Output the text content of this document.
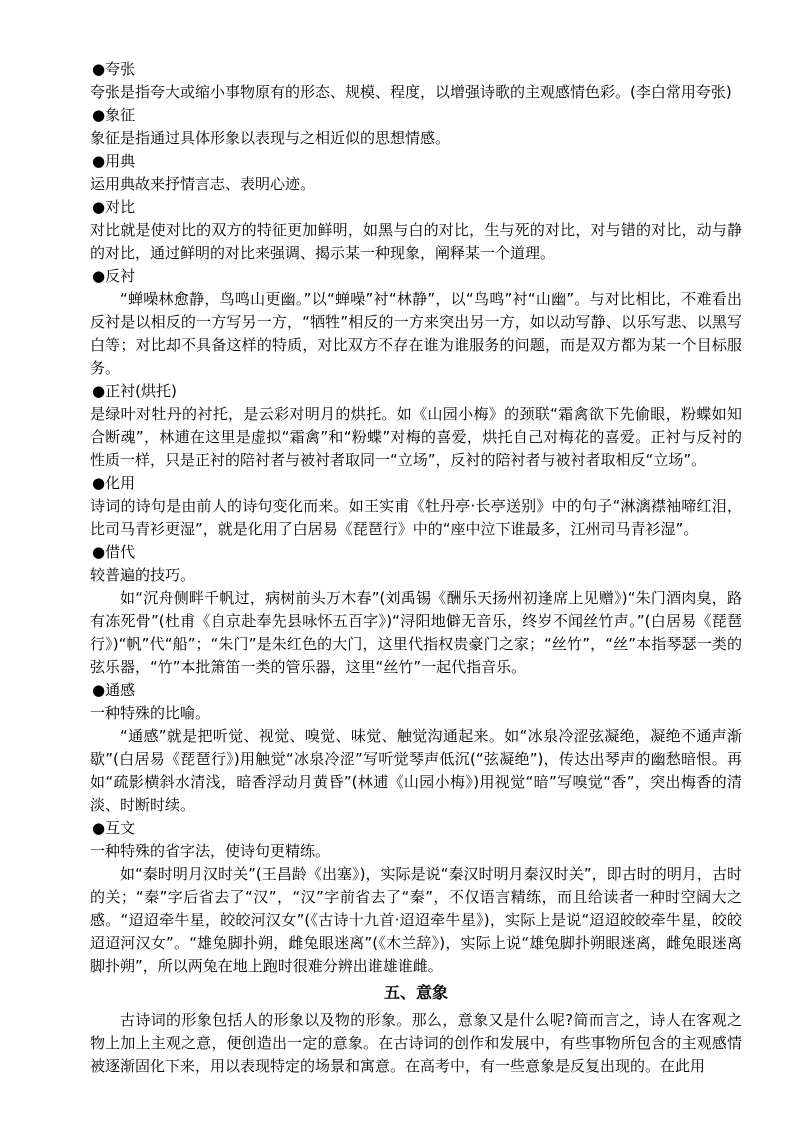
●夸张
夸张是指夸大或缩小事物原有的形态、规模、程度，以增强诗歌的主观感情色彩。(李白常用夸张)
●象征
象征是指通过具体形象以表现与之相近似的思想情感。
●用典
运用典故来抒情言志、表明心迹。
●对比
对比就是使对比的双方的特征更加鲜明，如黑与白的对比，生与死的对比，对与错的对比，动与静的对比，通过鲜明的对比来强调、揭示某一种现象，阐释某一个道理。
●反衬
“蝉噪林愈静，鸟鸣山更幽。”以“蝉噪”衬“林静”，以“鸟鸣”衬“山幽”。与对比相比，不难看出反衬是以相反的一方写另一方，“牺牲”相反的一方来突出另一方，如以动写静、以乐写悲、以黑写白等；对比却不具备这样的特质，对比双方不存在谁为谁服务的问题，而是双方都为某一个目标服务。
●正衬(烘托)
是绿叶对牡丹的衬托，是云彩对明月的烘托。如《山园小梅》的颈联“霜禽欲下先偷眼，粉蝶如知合断魂”，林逋在这里是虚拟“霜禽”和“粉蝶”对梅的喜爱，烘托自己对梅花的喜爱。正衬与反衬的性质一样，只是正衬的陪衬者与被衬者取同一“立场”，反衬的陪衬者与被衬者取相反“立场”。
●化用
诗词的诗句是由前人的诗句变化而来。如王实甫《牡丹亭·长亭送别》中的句子“淋漓襟袖啼红泪，比司马青衫更湿”，就是化用了白居易《琵琶行》中的“座中泣下谁最多，江州司马青衫湿”。
●借代
较普遍的技巧。
如“沉舟侧畔千帆过，病树前头万木春”(刘禹锡《酬乐天扬州初逢席上见赠》)“朱门酒肉臭，路有冻死骨”(杜甫《自京赴奉先县咏怀五百字》)“浔阳地僻无音乐，终岁不闻丝竹声。”(白居易《琵琶行》)“帆”代“船”；“朱门”是朱红色的大门，这里代指权贵豪门之家；“丝竹”，“丝”本指琴瑟一类的弦乐器，“竹”本批箫笛一类的管乐器，这里“丝竹”一起代指音乐。
●通感
一种特殊的比喻。
“通感”就是把听觉、视觉、嗅觉、味觉、触觉沟通起来。如“冰泉冷涩弦凝绝，凝绝不通声渐歇”(白居易《琵琶行》)用触觉“冰泉冷涩”写听觉琴声低沉(“弦凝绝”)，传达出琴声的幽愁暗恨。再如“疏影横斜水清浅，暗香浮动月黄昏”(林逋《山园小梅》)用视觉“暗”写嗅觉“香”，突出梅香的清淡、时断时续。
●互文
一种特殊的省字法，使诗句更精练。
如“秦时明月汉时关”(王昌龄《出塞》)，实际是说“秦汉时明月秦汉时关”，即古时的明月，古时的关；“秦”字后省去了“汉”，“汉”字前省去了“秦”，不仅语言精练，而且给读者一种时空阔大之感。“迢迢牵牛星，皎皎河汉女”(《古诗十九首·迢迢牵牛星》)，实际上是说“迢迢皎皎牵牛星，皎皎迢迢河汉女”。“雄兔脚扑朔，雌兔眼迷离”(《木兰辞》)，实际上说“雄兔脚扑朔眼迷离，雌兔眼迷离脚扑朔”，所以两兔在地上跑时很难分辨出谁雄谁雌。
五、意象
古诗词的形象包括人的形象以及物的形象。那么，意象又是什么呢?简而言之，诗人在客观之物上加上主观之意，便创造出一定的意象。在古诗词的创作和发展中，有些事物所包含的主观感情被逐渐固化下来，用以表现特定的场景和寓意。在高考中，有一些意象是反复出现的。在此用
